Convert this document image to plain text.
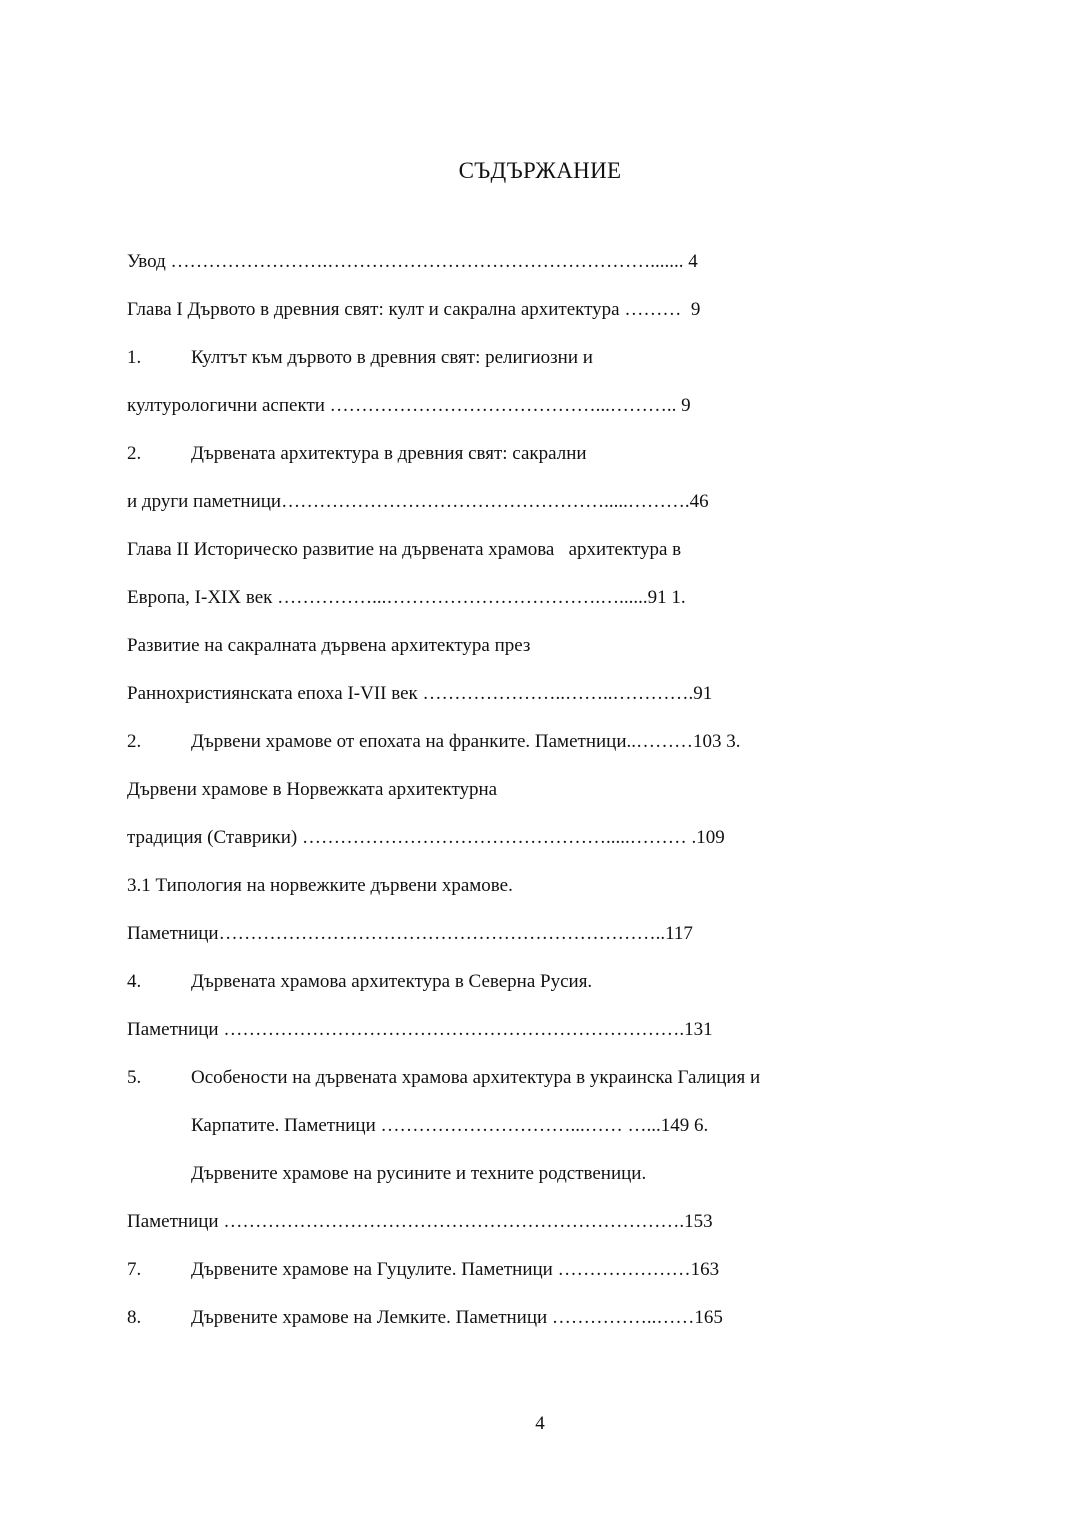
СЪДЪРЖАНИЕ
Увод …………………….……………………………………………....... 4
Глава I Дървото в древния свят: култ и сакрална архитектура ………  9
1.	Култът към дървото в древния свят: религиозни и
културологични аспекти ……………………………………...……….. 9
2.	Дървената архитектура в древния свят: сакрални
и други паметници…………………………………………….....……….46
Глава II Историческо развитие на дървената храмова   архитектура в
Европа, I-XIX век ……………...…………………………….…......91 1.
Развитие на сакралната дървена архитектура през
Раннохристиянската епоха I-VII век …………………..……..………….91
2.	Дървени храмове от епохата на франките. Паметници..………103 3.
Дървени храмове в Норвежката архитектурна
традиция (Ставрики) ………………………………………….....……… .109
3.1 Типология на норвежките дървени храмове.
Паметници……………………………………………………………..117
4.	Дървената храмова архитектура в Северна Русия.
Паметници ……………………………………………………………….131
5.	Особености на дървената храмова архитектура в украинска Галиция и
Карпатите. Паметници …………………………...…… …...149 6.
Дървените храмове на русините и техните родственици.
Паметници ……………………………………………………………….153
7.	Дървените храмове на Гуцулите. Паметници …………………163
8.	Дървените храмове на Лемките. Паметници ……………..……165
4
